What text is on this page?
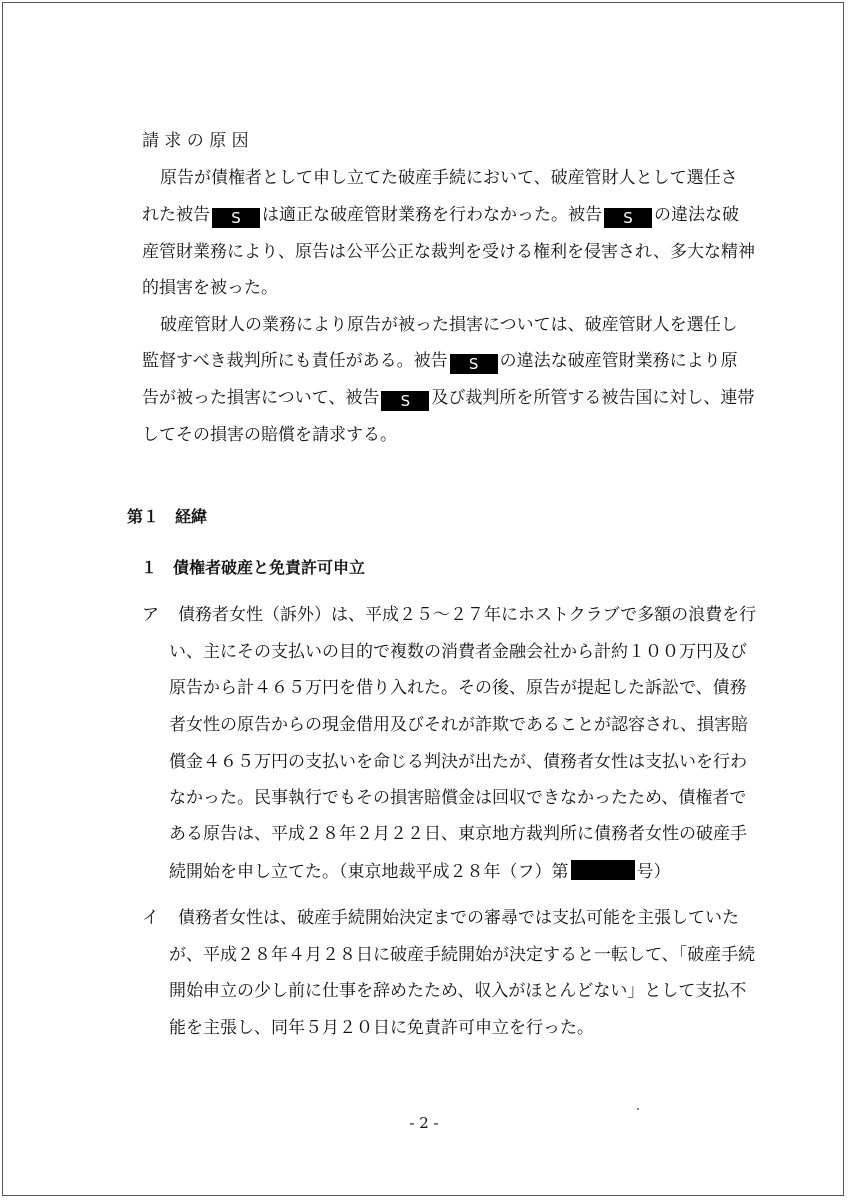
請 求 の 原 因
原告が債権者として申し立てた破産手続において、破産管財人として選任さ
れた被告 S は適正な破産管財業務を行わなかった。被告 S の違法な破
産管財業務により、原告は公平公正な裁判を受ける権利を侵害され、多大な精神
的損害を被った。
破産管財人の業務により原告が被った損害については、破産管財人を選任し
監督すべき裁判所にも責任がある。被告 S の違法な破産管財業務により原
告が被った損害について、被告 S 及び裁判所を所管する被告国に対し、連帯
してその損害の賠償を請求する。
第１　経緯
１　債権者破産と免責許可申立
ア 債務者女性（訴外）は、平成２５～２７年にホストクラブで多額の浪費を行
い、主にその支払いの目的で複数の消費者金融会社から計約１００万円及び
原告から計４６５万円を借り入れた。その後、原告が提起した訴訟で、債務
者女性の原告からの現金借用及びそれが詐欺であることが認容され、損害賠
償金４６５万円の支払いを命じる判決が出たが、債務者女性は支払いを行わ
なかった。民事執行でもその損害賠償金は回収できなかったため、債権者で
ある原告は、平成２８年２月２２日、東京地方裁判所に債務者女性の破産手
続開始を申し立てた。（東京地裁平成２８年（フ）第	号）
イ 債務者女性は、破産手続開始決定までの審尋では支払可能を主張していた
が、平成２８年４月２８日に破産手続開始が決定すると一転して、「破産手続
開始申立の少し前に仕事を辞めたため、収入がほとんどない」として支払不
能を主張し、同年５月２０日に免責許可申立を行った。
- 2 -
